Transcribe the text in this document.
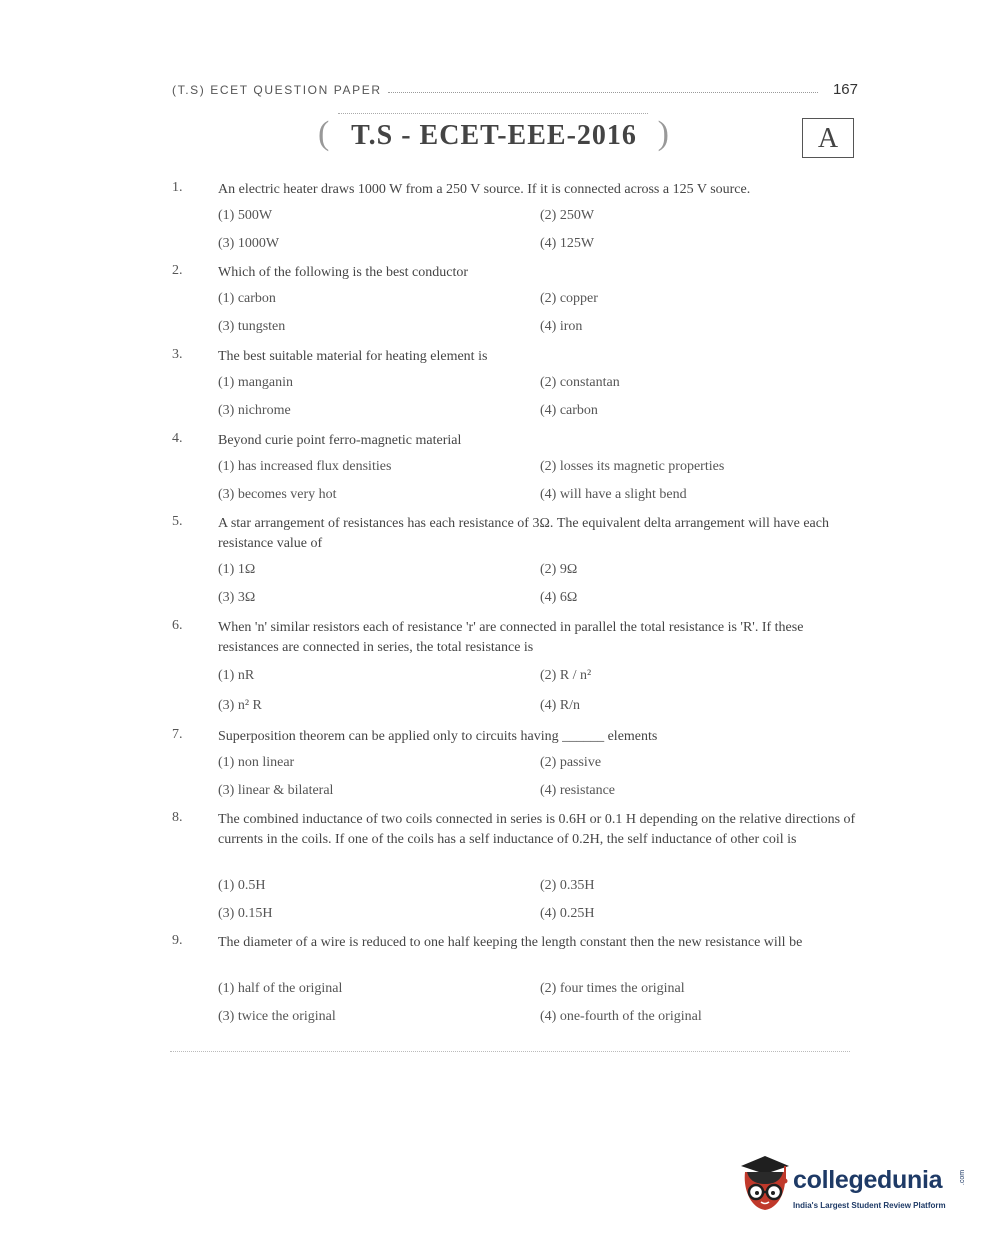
(T.S) ECET QUESTION PAPER	167
( T.S - ECET-EEE-2016 )	A
1.	An electric heater draws 1000 W from a 250 V source. If it is connected across a 125 V source.
(1) 500W	(2) 250W
(3) 1000W	(4) 125W
2.	Which of the following is the best conductor
(1) carbon	(2) copper
(3) tungsten	(4) iron
3.	The best suitable material for heating element is
(1) manganin	(2) constantan
(3) nichrome	(4) carbon
4.	Beyond curie point ferro-magnetic material
(1) has increased flux densities	(2) losses its magnetic properties
(3) becomes very hot	(4) will have a slight bend
5.	A star arrangement of resistances has each resistance of 3Ω. The equivalent delta arrangement will have each resistance value of
(1) 1Ω	(2) 9Ω
(3) 3Ω	(4) 6Ω
6.	When 'n' similar resistors each of resistance 'r' are connected in parallel the total resistance is 'R'. If these resistances are connected in series, the total resistance is
(1) nR	(2) R / n²
(3) n² R	(4) R/n
7.	Superposition theorem can be applied only to circuits having ______ elements
(1) non linear	(2) passive
(3) linear & bilateral	(4) resistance
8.	The combined inductance of two coils connected in series is 0.6H or 0.1 H depending on the relative directions of currents in the coils. If one of the coils has a self inductance of 0.2H, the self inductance of other coil is
(1) 0.5H	(2) 0.35H
(3) 0.15H	(4) 0.25H
9.	The diameter of a wire is reduced to one half keeping the length constant then the new resistance will be
(1) half of the original	(2) four times the original
(3) twice the original	(4) one-fourth of the original
collegedunia .com
India's Largest Student Review Platform
